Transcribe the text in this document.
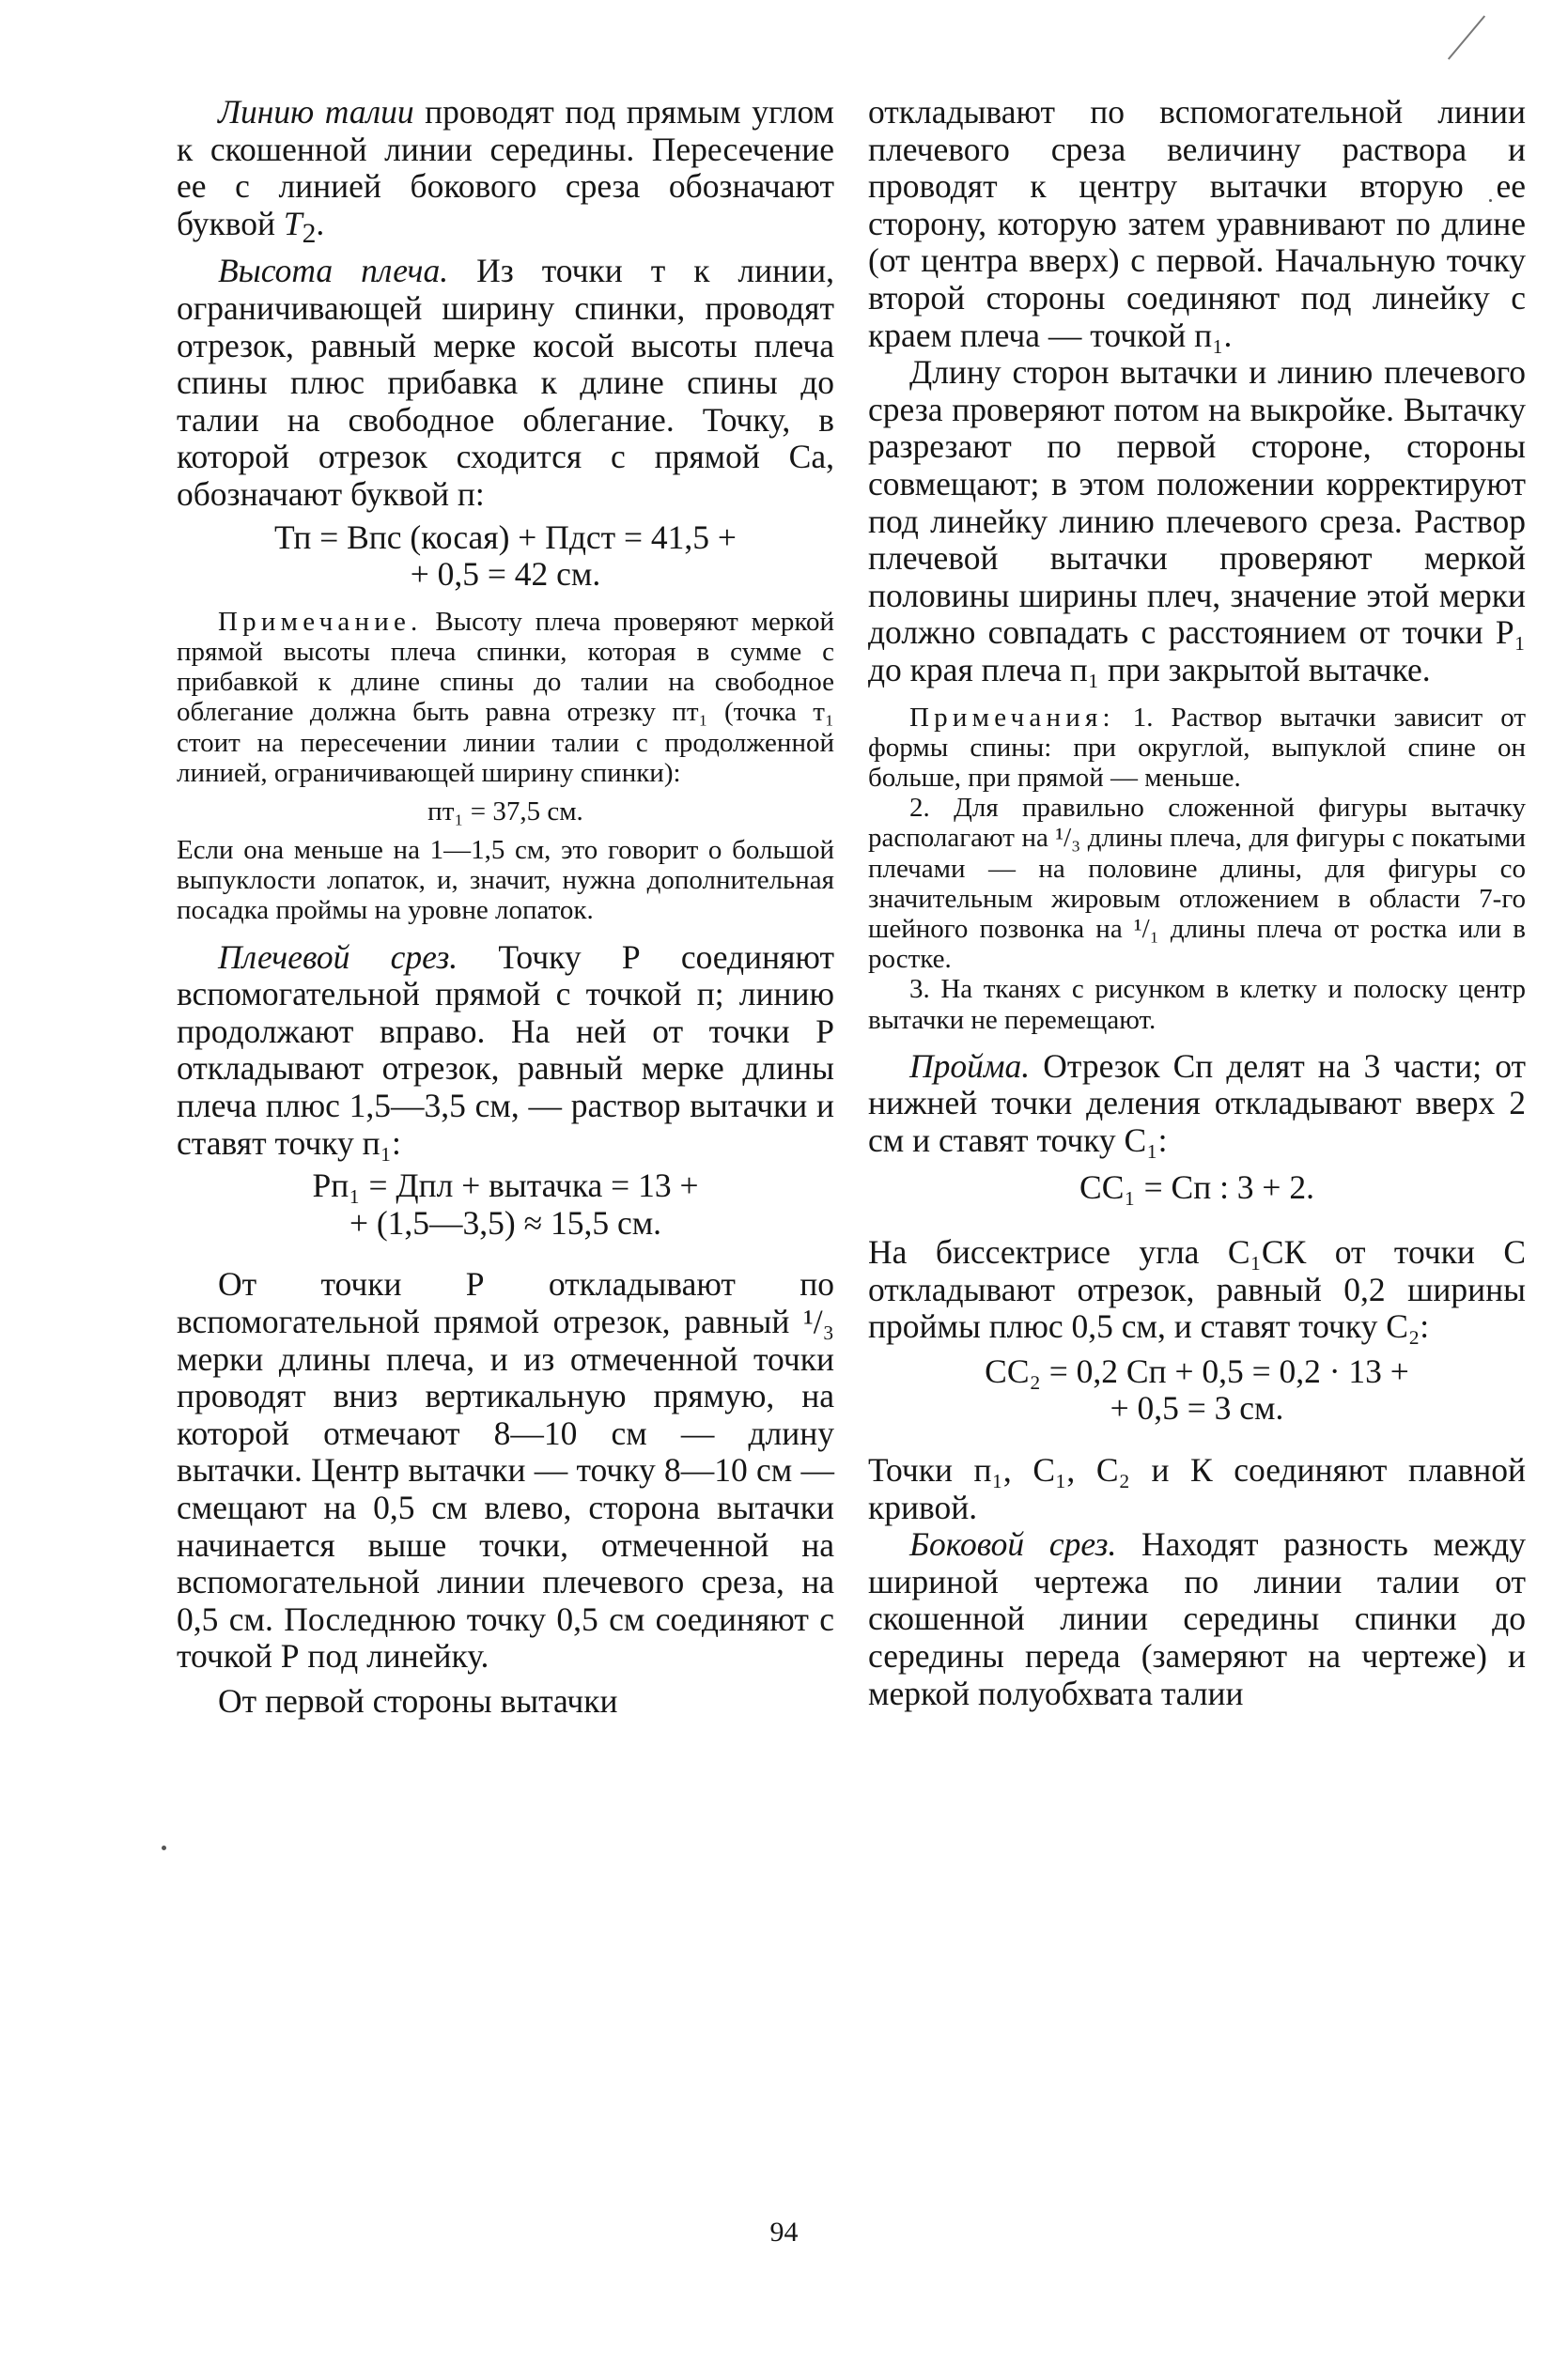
Линию талии проводят под прямым углом к скошенной линии середины. Пересечение ее с линией бокового среза обозначают буквой $T_2$.

Высота плеча. Из точки т к линии, ограничивающей ширину спинки, проводят отрезок, равный мерке косой высоты плеча спины плюс прибавка к длине спины до талии на свободное облегание. Точку, в которой отрезок сходится с прямой Са, обозначают буквой п:

Тп = Впс (косая) + Пдст = 41,5 +

+ 0,5 = 42 см.

Примечание. Высоту плеча проверяют меркой прямой высоты плеча спинки, которая в сумме с прибавкой к длине спины до талии на свободное облегание должна быть равна отрезку пт₁ (точка т₁ стоит на пересечении линии талии с продолженной линией, ограничивающей ширину спинки):

пт₁ = 37,5 см.

Если она меньше на 1—1,5 см, это говорит о большой выпуклости лопаток, и, значит, нужна дополнительная посадка проймы на уровне лопаток.

Плечевой срез. Точку Р соединяют вспомогательной прямой с точкой п; линию продолжают вправо. На ней от точки Р откладывают отрезок, равный мерке длины плеча плюс 1,5—3,5 см, — раствор вытачки и ставят точку п₁:

Рп₁ = Дпл + вытачка = 13 +

+ (1,5—3,5) ≈ 15,5 см.

От точки Р откладывают по вспомогательной прямой отрезок, равный ¹/₃ мерки длины плеча, и из отмеченной точки проводят вниз вертикальную прямую, на которой отмечают 8—10 см — длину вытачки. Центр вытачки — точку 8—10 см — смещают на 0,5 см влево, сторона вытачки начинается выше точки, отмеченной на вспомогательной линии плечевого среза, на 0,5 см. Последнюю точку 0,5 см соединяют с точкой Р под линейку.

От первой стороны вытачки

откладывают по вспомогательной линии плечевого среза величину раствора и проводят к центру вытачки вторую ее сторону, которую затем уравнивают по длине (от центра вверх) с первой. Начальную точку второй стороны соединяют под линейку с краем плеча — точкой п₁.

Длину сторон вытачки и линию плечевого среза проверяют потом на выкройке. Вытачку разрезают по первой стороне, стороны совмещают; в этом положении корректируют под линейку линию плечевого среза. Раствор плечевой вытачки проверяют меркой половины ширины плеч, значение этой мерки должно совпадать с расстоянием от точки Р₁ до края плеча п₁ при закрытой вытачке.

Примечания: 1. Раствор вытачки зависит от формы спины: при округлой, выпуклой спине он больше, при прямой — меньше.

2. Для правильно сложенной фигуры вытачку располагают на ¹/₃ длины плеча, для фигуры с покатыми плечами — на половине длины, для фигуры со значительным жировым отложением в области 7-го шейного позвонка на ¹/₁ длины плеча от ростка или в ростке.

3. На тканях с рисунком в клетку и полоску центр вытачки не перемещают.

Пройма. Отрезок Сп делят на 3 части; от нижней точки деления откладывают вверх 2 см и ставят точку С₁:

СС₁ = Сп : 3 + 2.

На биссектрисе угла С₁СК от точки С откладывают отрезок, равный 0,2 ширины проймы плюс 0,5 см, и ставят точку С₂:

СС₂ = 0,2 Сп + 0,5 = 0,2 · 13 +

+ 0,5 = 3 см.

Точки п₁, С₁, С₂ и К соединяют плавной кривой.

Боковой срез. Находят разность между шириной чертежа по линии талии от скошенной линии середины спинки до середины переда (замеряют на чертеже) и меркой полуобхвата талии

94
